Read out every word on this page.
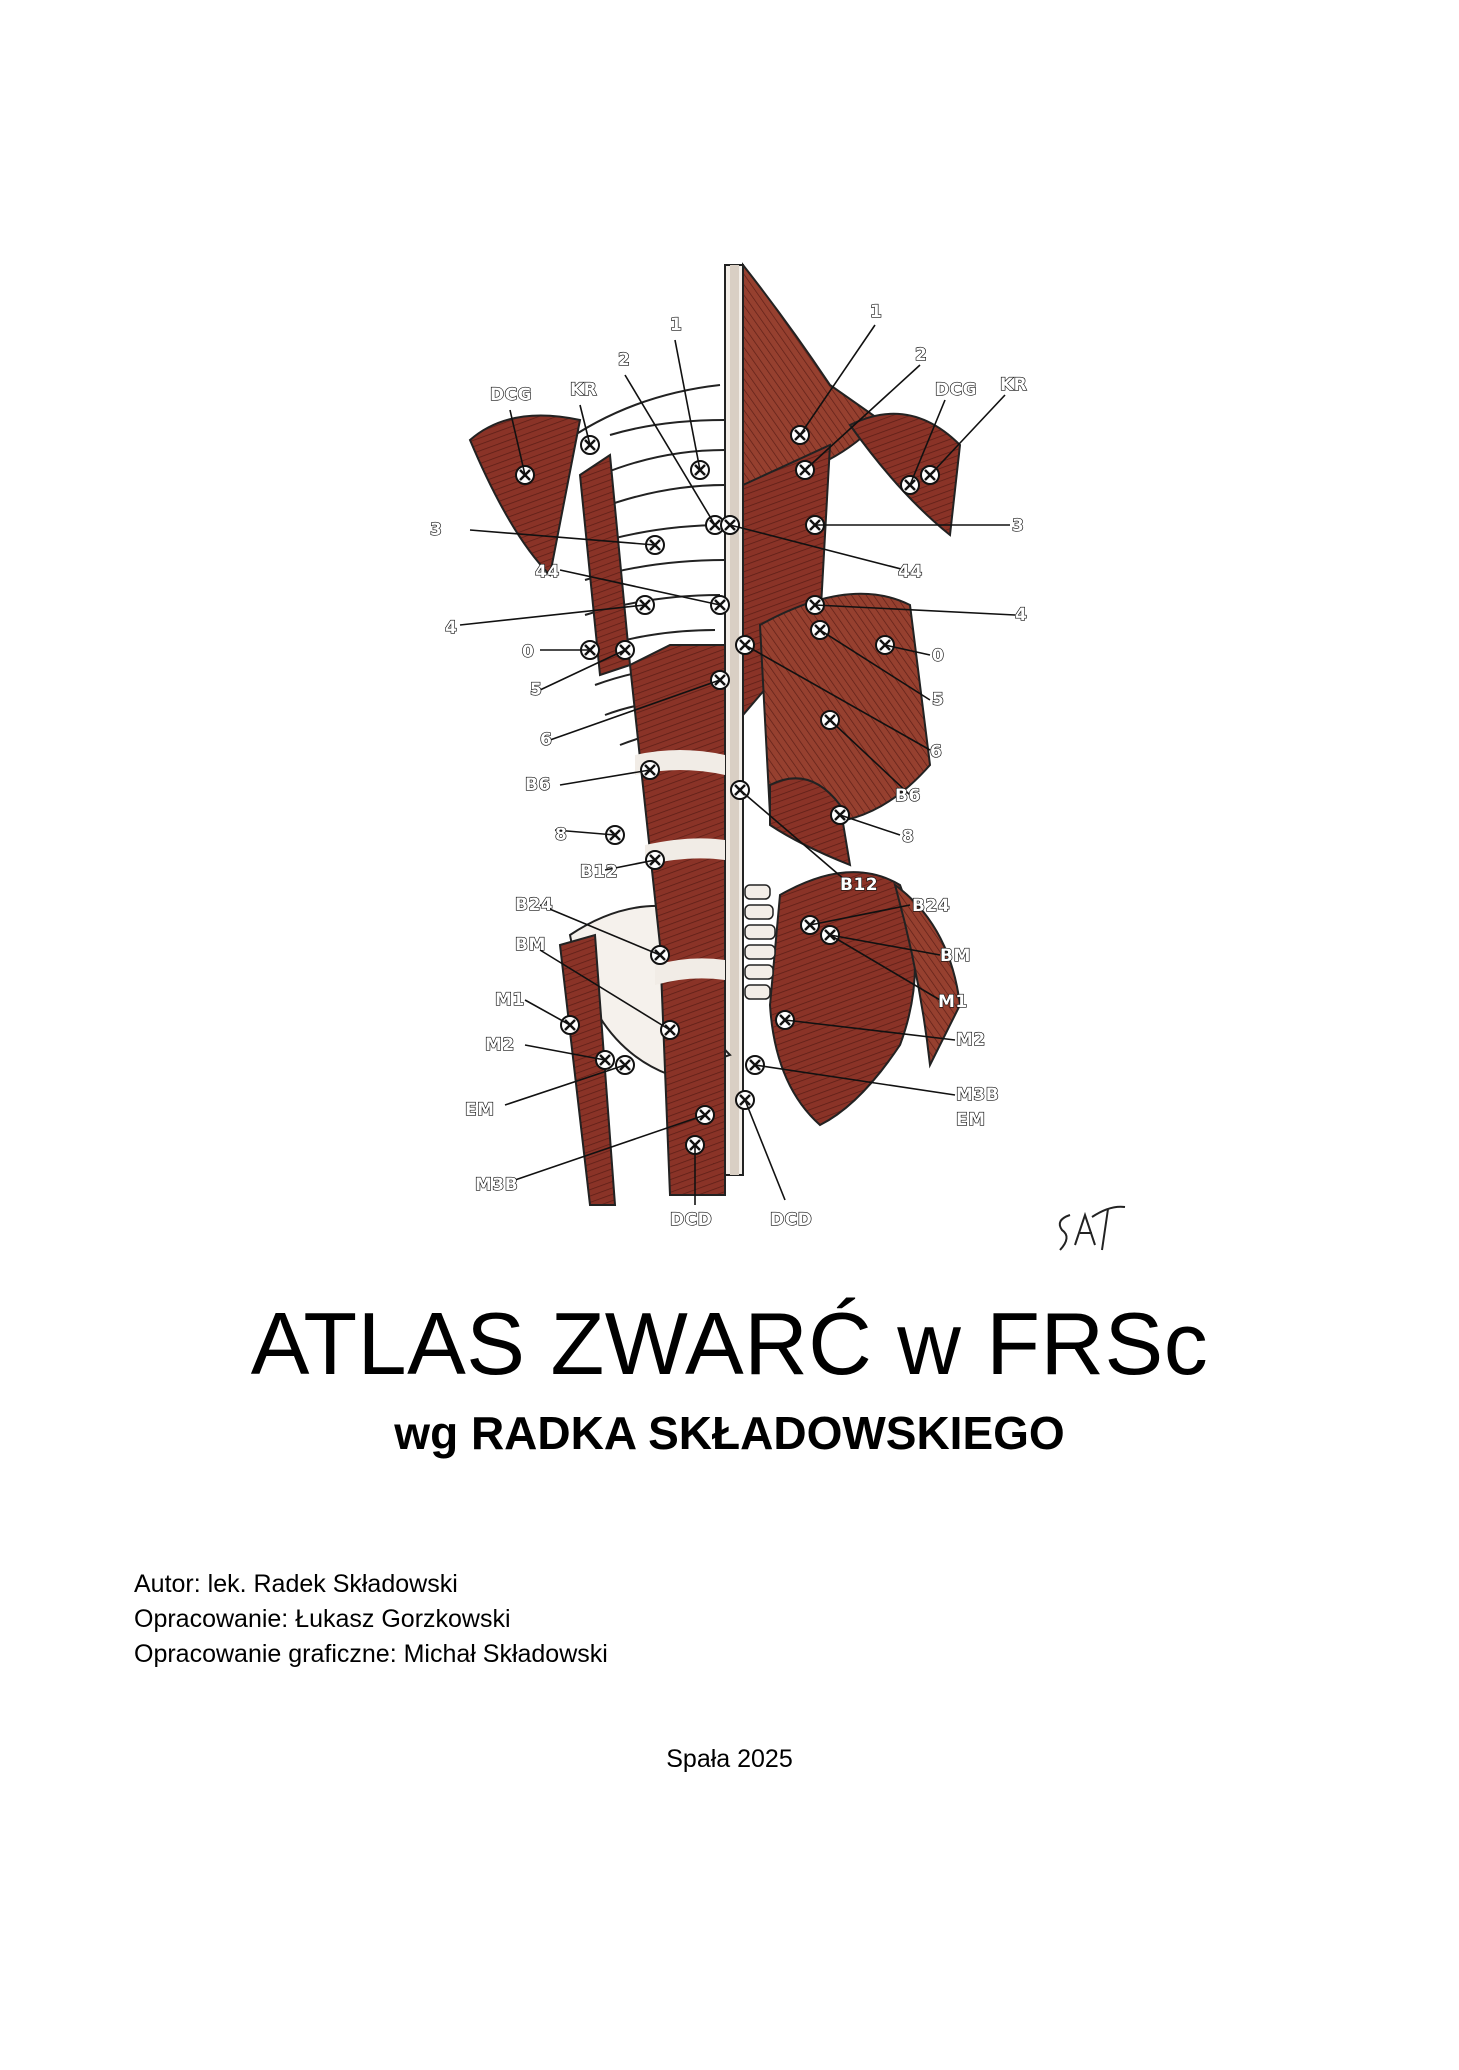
1
2
DCG KR
3
4
5
6
8
0
44
B6
B12
B24
BM
M1
M2
EM
M3B
DCD
1
2
DCG KR
3
44
4
0
5
6
B6
8
B12
B24
BM
M1
M2
M3B
EM
DCD
ATLAS ZWARĆ w FRSc
wg RADKA SKŁADOWSKIEGO
Autor: lek. Radek Składowski
Opracowanie: Łukasz Gorzkowski
Opracowanie graficzne: Michał Składowski
Spała 2025
